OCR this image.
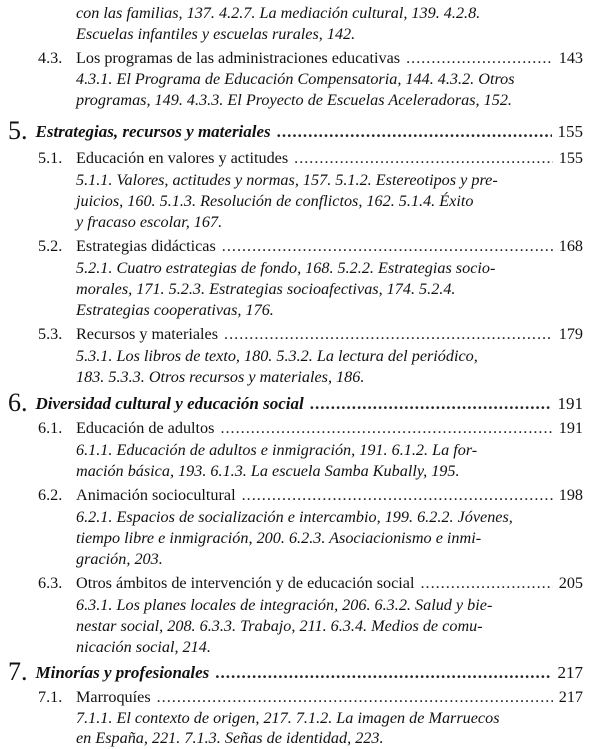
con las familias, 137. 4.2.7. La mediación cultural, 139. 4.2.8.
Escuelas infantiles y escuelas rurales, 142.
4.3. Los programas de las administraciones educativas .....	143
4.3.1. El Programa de Educación Compensatoria, 144. 4.3.2. Otros
programas, 149. 4.3.3. El Proyecto de Escuelas Aceleradoras, 152.
5. Estrategias, recursos y materiales .....	155
5.1. Educación en valores y actitudes .....	155
5.1.1. Valores, actitudes y normas, 157. 5.1.2. Estereotipos y pre-
juicios, 160. 5.1.3. Resolución de conflictos, 162. 5.1.4. Éxito
y fracaso escolar, 167.
5.2. Estrategias didácticas .....	168
5.2.1. Cuatro estrategias de fondo, 168. 5.2.2. Estrategias socio-
morales, 171. 5.2.3. Estrategias socioafectivas, 174. 5.2.4.
Estrategias cooperativas, 176.
5.3. Recursos y materiales .....	179
5.3.1. Los libros de texto, 180. 5.3.2. La lectura del periódico,
183. 5.3.3. Otros recursos y materiales, 186.
6. Diversidad cultural y educación social .....	191
6.1. Educación de adultos .....	191
6.1.1. Educación de adultos e inmigración, 191. 6.1.2. La for-
mación básica, 193. 6.1.3. La escuela Samba Kubally, 195.
6.2. Animación sociocultural .....	198
6.2.1. Espacios de socialización e intercambio, 199. 6.2.2. Jóvenes,
tiempo libre e inmigración, 200. 6.2.3. Asociacionismo e inmi-
gración, 203.
6.3. Otros ámbitos de intervención y de educación social .....	205
6.3.1. Los planes locales de integración, 206. 6.3.2. Salud y bie-
nestar social, 208. 6.3.3. Trabajo, 211. 6.3.4. Medios de comu-
nicación social, 214.
7. Minorías y profesionales .....	217
7.1. Marroquíes .....	217
7.1.1. El contexto de origen, 217. 7.1.2. La imagen de Marruecos
en España, 221. 7.1.3. Señas de identidad, 223.
